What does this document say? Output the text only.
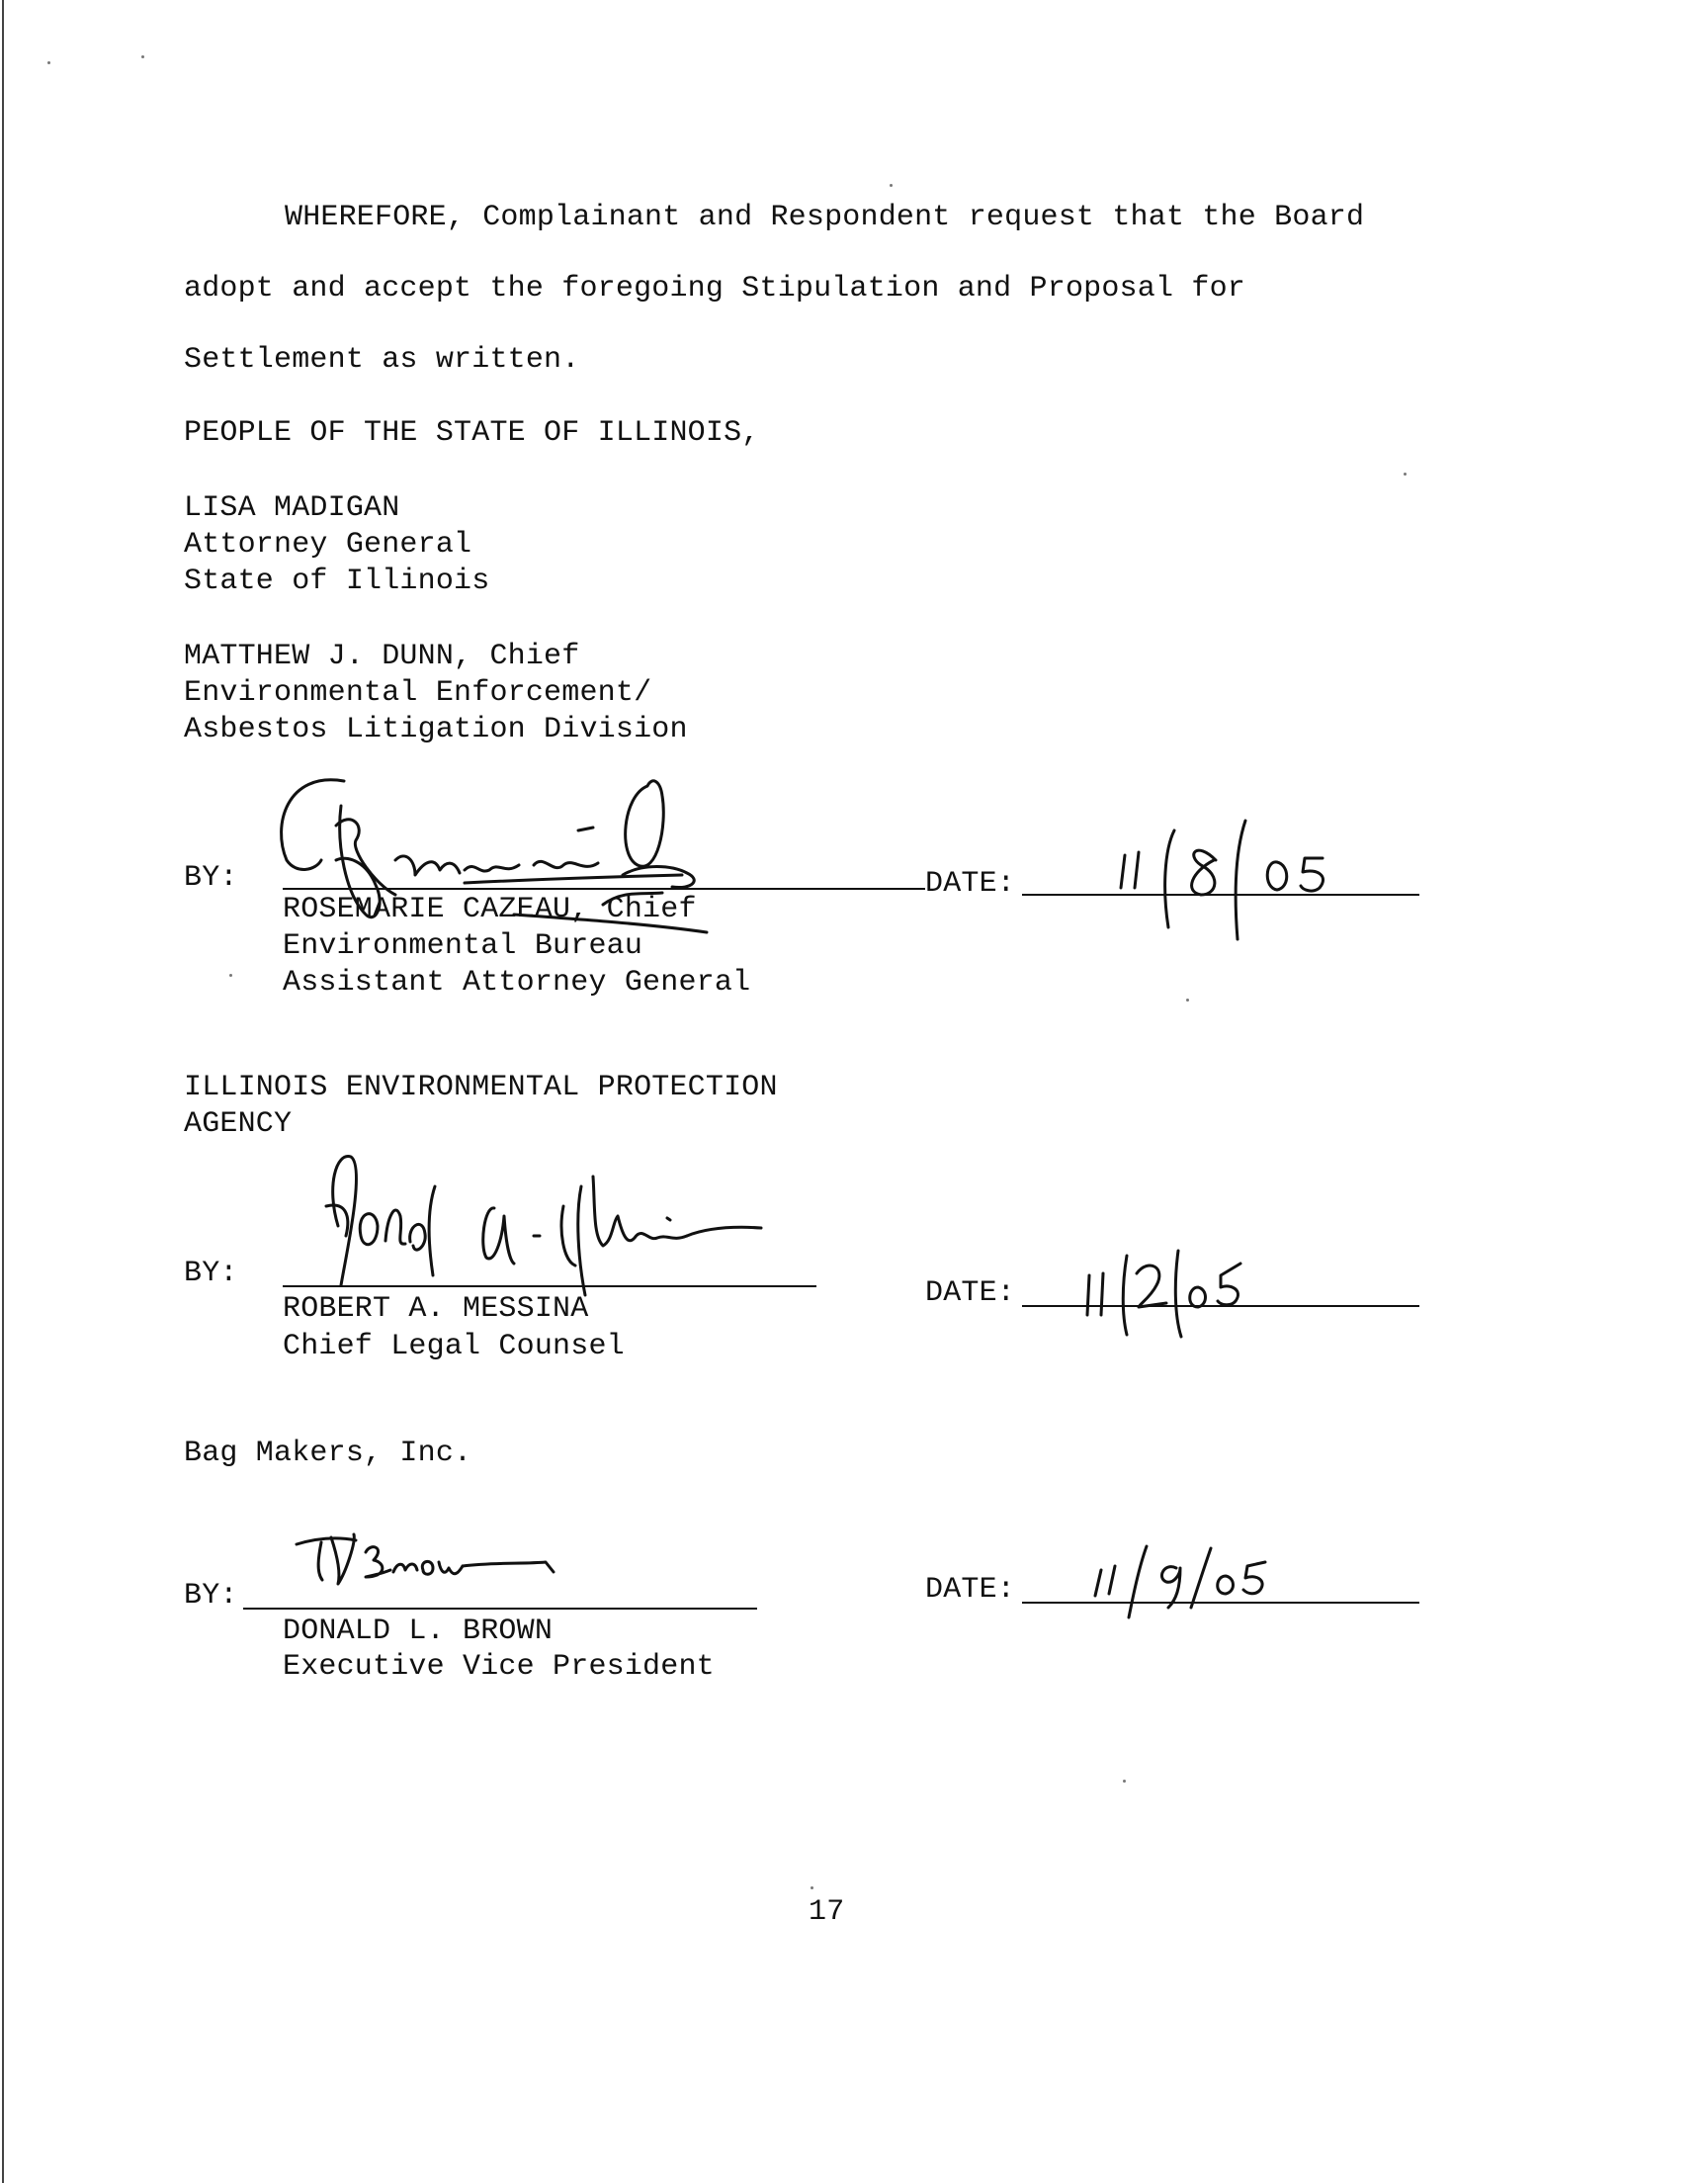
WHEREFORE, Complainant and Respondent request that the Board
adopt and accept the foregoing Stipulation and Proposal for
Settlement as written.
PEOPLE OF THE STATE OF ILLINOIS,
LISA MADIGAN
Attorney General
State of Illinois
MATTHEW J. DUNN, Chief
Environmental Enforcement/
Asbestos Litigation Division
BY:
ROSEMARIE CAZEAU, Chief
Environmental Bureau
Assistant Attorney General
DATE:
ILLINOIS ENVIRONMENTAL PROTECTION
AGENCY
BY:
ROBERT A. MESSINA
Chief Legal Counsel
DATE:
Bag Makers, Inc.
BY:
DONALD L. BROWN
Executive Vice President
DATE:
17
